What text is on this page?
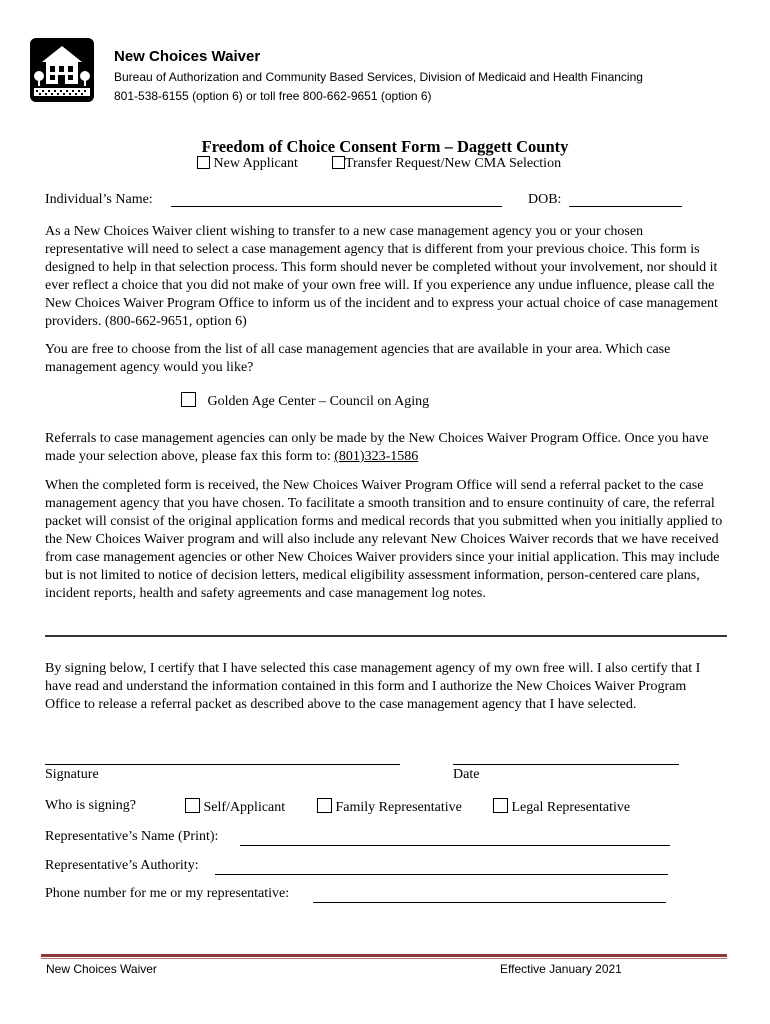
New Choices Waiver
Bureau of Authorization and Community Based Services, Division of Medicaid and Health Financing
801-538-6155 (option 6) or toll free 800-662-9651 (option 6)
Freedom of Choice Consent Form – Daggett County
New Applicant	Transfer Request/New CMA Selection
Individual’s Name:	DOB:
As a New Choices Waiver client wishing to transfer to a new case management agency you or your chosen representative will need to select a case management agency that is different from your previous choice. This form is designed to help in that selection process. This form should never be completed without your involvement, nor should it ever reflect a choice that you did not make of your own free will. If you experience any undue influence, please call the New Choices Waiver Program Office to inform us of the incident and to express your actual choice of case management providers. (800-662-9651, option 6)
You are free to choose from the list of all case management agencies that are available in your area. Which case management agency would you like?
Golden Age Center – Council on Aging
Referrals to case management agencies can only be made by the New Choices Waiver Program Office. Once you have made your selection above, please fax this form to: (801)323-1586
When the completed form is received, the New Choices Waiver Program Office will send a referral packet to the case management agency that you have chosen. To facilitate a smooth transition and to ensure continuity of care, the referral packet will consist of the original application forms and medical records that you submitted when you initially applied to the New Choices Waiver program and will also include any relevant New Choices Waiver records that we have received from case management agencies or other New Choices Waiver providers since your initial application. This may include but is not limited to notice of decision letters, medical eligibility assessment information, person-centered care plans, incident reports, health and safety agreements and case management log notes.
By signing below, I certify that I have selected this case management agency of my own free will. I also certify that I have read and understand the information contained in this form and I authorize the New Choices Waiver Program Office to release a referral packet as described above to the case management agency that I have selected.
Signature	Date
Who is signing?	Self/Applicant	Family Representative	Legal Representative
Representative’s Name (Print):
Representative’s Authority:
Phone number for me or my representative:
New Choices Waiver	Effective January 2021
